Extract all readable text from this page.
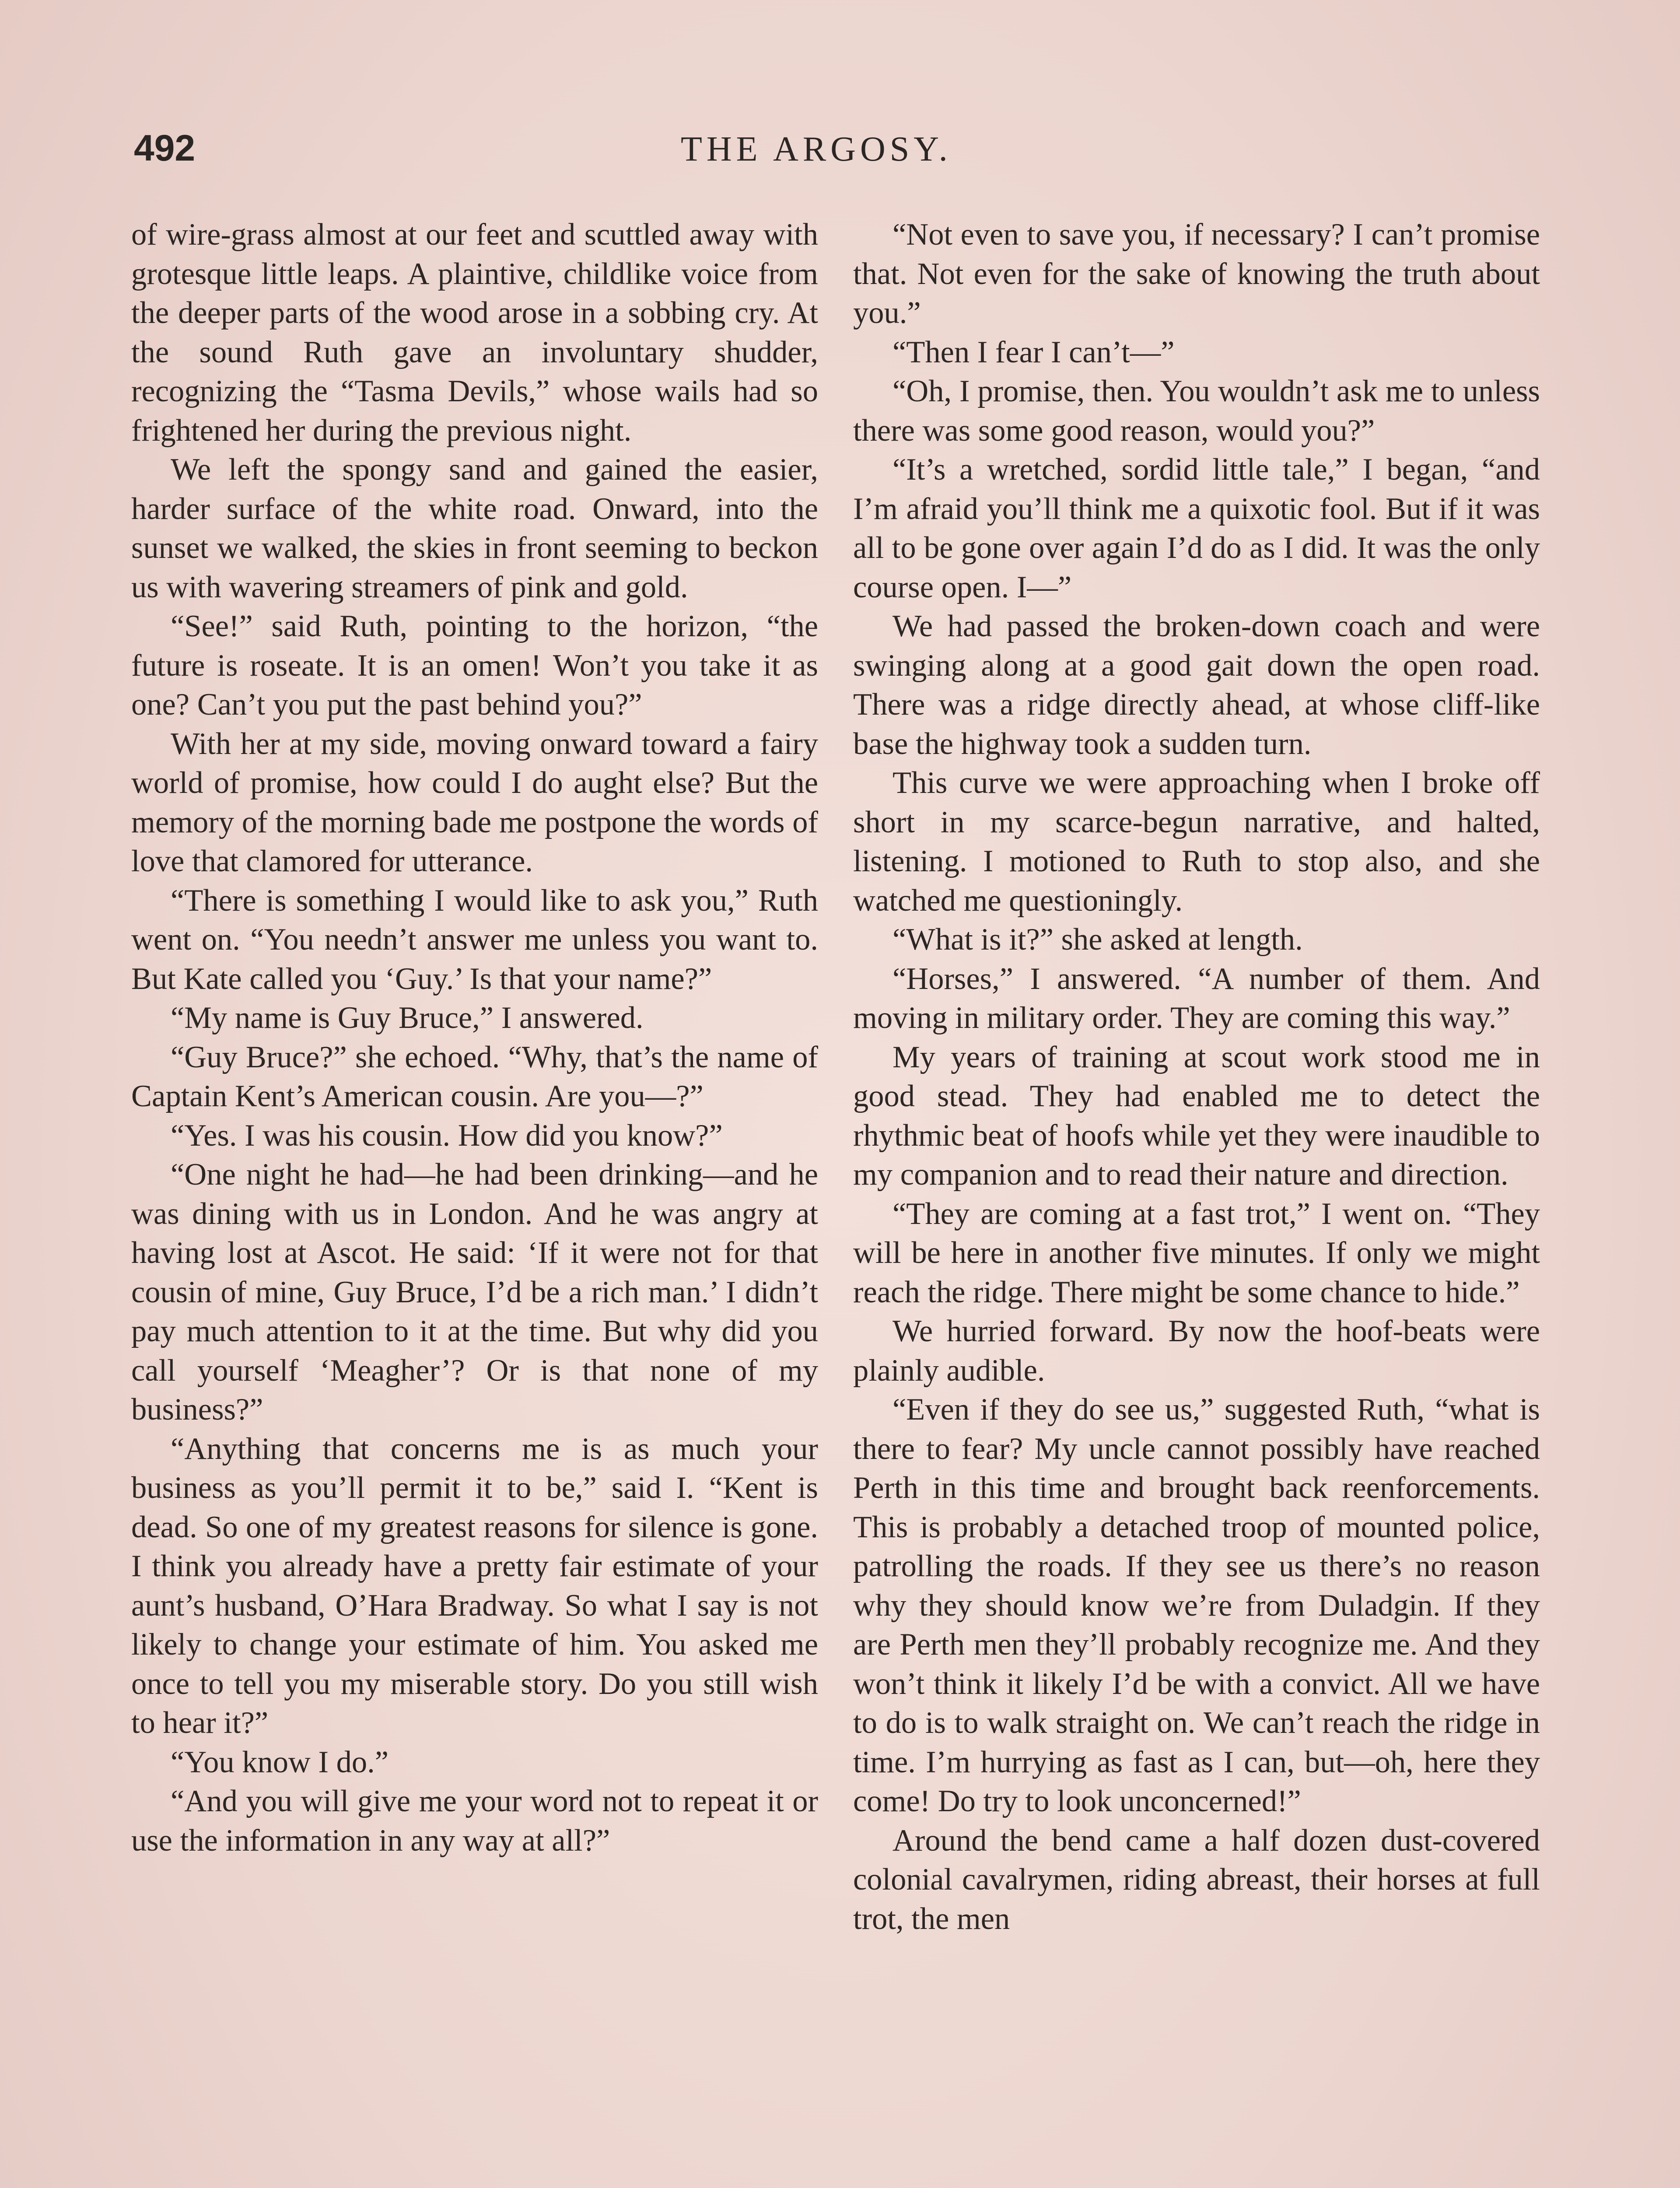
492	THE ARGOSY.

of wire-grass almost at our feet and scuttled away with grotesque little leaps. A plaintive, childlike voice from the deeper parts of the wood arose in a sobbing cry. At the sound Ruth gave an involuntary shudder, recognizing the “Tasma Devils,” whose wails had so frightened her during the previous night.

We left the spongy sand and gained the easier, harder surface of the white road. Onward, into the sunset we walked, the skies in front seeming to beckon us with wavering streamers of pink and gold.

“See!” said Ruth, pointing to the horizon, “the future is roseate. It is an omen! Won’t you take it as one? Can’t you put the past behind you?”

With her at my side, moving onward toward a fairy world of promise, how could I do aught else? But the memory of the morning bade me postpone the words of love that clamored for utterance.

“There is something I would like to ask you,” Ruth went on. “You needn’t answer me unless you want to. But Kate called you ‘Guy.’ Is that your name?”

“My name is Guy Bruce,” I answered.

“Guy Bruce?” she echoed. “Why, that’s the name of Captain Kent’s American cousin. Are you—?”

“Yes. I was his cousin. How did you know?”

“One night he had—he had been drinking—and he was dining with us in London. And he was angry at having lost at Ascot. He said: ‘If it were not for that cousin of mine, Guy Bruce, I’d be a rich man.’ I didn’t pay much attention to it at the time. But why did you call yourself ‘Meagher’? Or is that none of my business?”

“Anything that concerns me is as much your business as you’ll permit it to be,” said I. “Kent is dead. So one of my greatest reasons for silence is gone. I think you already have a pretty fair estimate of your aunt’s husband, O’Hara Bradway. So what I say is not likely to change your estimate of him. You asked me once to tell you my miserable story. Do you still wish to hear it?”

“You know I do.”

“And you will give me your word not to repeat it or use the information in any way at all?”

“Not even to save you, if necessary? I can’t promise that. Not even for the sake of knowing the truth about you.”

“Then I fear I can’t—”

“Oh, I promise, then. You wouldn’t ask me to unless there was some good reason, would you?”

“It’s a wretched, sordid little tale,” I began, “and I’m afraid you’ll think me a quixotic fool. But if it was all to be gone over again I’d do as I did. It was the only course open. I—”

We had passed the broken-down coach and were swinging along at a good gait down the open road. There was a ridge directly ahead, at whose cliff-like base the highway took a sudden turn.

This curve we were approaching when I broke off short in my scarce-begun narrative, and halted, listening. I motioned to Ruth to stop also, and she watched me questioningly.

“What is it?” she asked at length.

“Horses,” I answered. “A number of them. And moving in military order. They are coming this way.”

My years of training at scout work stood me in good stead. They had enabled me to detect the rhythmic beat of hoofs while yet they were inaudible to my companion and to read their nature and direction.

“They are coming at a fast trot,” I went on. “They will be here in another five minutes. If only we might reach the ridge. There might be some chance to hide.”

We hurried forward. By now the hoof-beats were plainly audible.

“Even if they do see us,” suggested Ruth, “what is there to fear? My uncle cannot possibly have reached Perth in this time and brought back reenforcements. This is probably a detached troop of mounted police, patrolling the roads. If they see us there’s no reason why they should know we’re from Duladgin. If they are Perth men they’ll probably recognize me. And they won’t think it likely I’d be with a convict. All we have to do is to walk straight on. We can’t reach the ridge in time. I’m hurrying as fast as I can, but—oh, here they come! Do try to look unconcerned!”

Around the bend came a half dozen dust-covered colonial cavalrymen, riding abreast, their horses at full trot, the men
